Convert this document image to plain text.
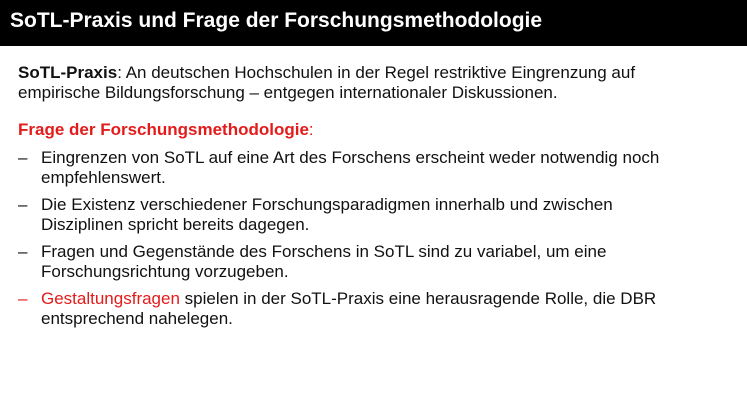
SoTL-Praxis und Frage der Forschungsmethodologie

SoTL-Praxis: An deutschen Hochschulen in der Regel restriktive Eingrenzung auf empirische Bildungsforschung – entgegen internationaler Diskussionen.

Frage der Forschungsmethodologie:

– Eingrenzen von SoTL auf eine Art des Forschens erscheint weder notwendig noch empfehlenswert.
– Die Existenz verschiedener Forschungsparadigmen innerhalb und zwischen Disziplinen spricht bereits dagegen.
– Fragen und Gegenstände des Forschens in SoTL sind zu variabel, um eine Forschungsrichtung vorzugeben.
– Gestaltungsfragen spielen in der SoTL-Praxis eine herausragende Rolle, die DBR entsprechend nahelegen.
